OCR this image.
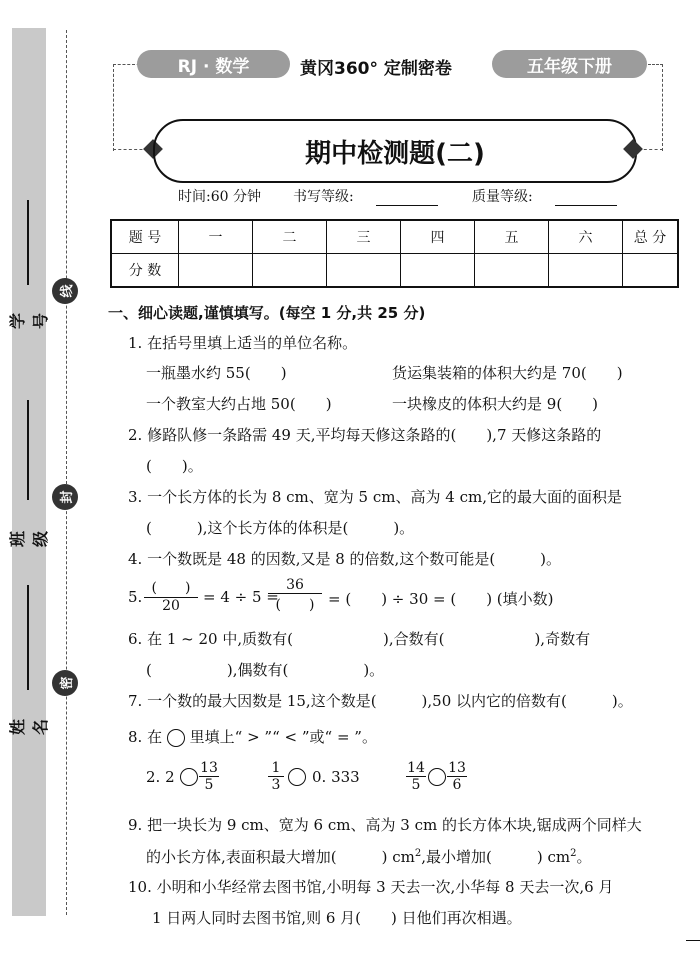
学号
班级
姓名
线
封
密
RJ · 数学	黄冈360° 定制密卷	五年级下册
期中检测题(二)
时间:60 分钟 书写等级:	质量等级:
题 号	一	二	三	四	五	六	总 分
分 数							
一、细心读题,谨慎填写。(每空 1 分,共 25 分)
1. 在括号里填上适当的单位名称。
一瓶墨水约 55(　　)	货运集装箱的体积大约是 70(　　)
一个教室大约占地 50(　　)	一块橡皮的体积大约是 9(　　)
2. 修路队修一条路需 49 天,平均每天修这条路的(　　),7 天修这条路的
(　　)。
3. 一个长方体的长为 8 cm、宽为 5 cm、高为 4 cm,它的最大面的面积是
(　　　),这个长方体的体积是(　　　)。
4. 一个数既是 48 的因数,又是 8 的倍数,这个数可能是(　　　)。
5. (　　)
20	= 4 ÷ 5 =
36
(　　) = (　　) ÷ 30 = (　　) (填小数)
6. 在 1 ~ 20 中,质数有(　　　　　　),合数有(　　　　　　),奇数有
(　　　　　),偶数有(　　　　　)。
7. 一个数的最大因数是 15,这个数是(　　　),50 以内它的倍数有(　　　)。
8. 在 里填上“ > ”“ < ”或“ = ”。
2. $2 \frac{13}{5}$	$\frac{1}{3} 0$. 333	$\frac{14}{5} \frac{13}{6}$
9. 把一块长为 9 cm、宽为 6 cm、高为 3 cm 的长方体木块,锯成两个同样大
的小长方体,表面积最大增加(　　　) $cm^2$,最小增加(　　　) $cm^2$。
10. 小明和小华经常去图书馆,小明每 3 天去一次,小华每 8 天去一次,6 月
1 日两人同时去图书馆,则 6 月(　　) 日他们再次相遇。
